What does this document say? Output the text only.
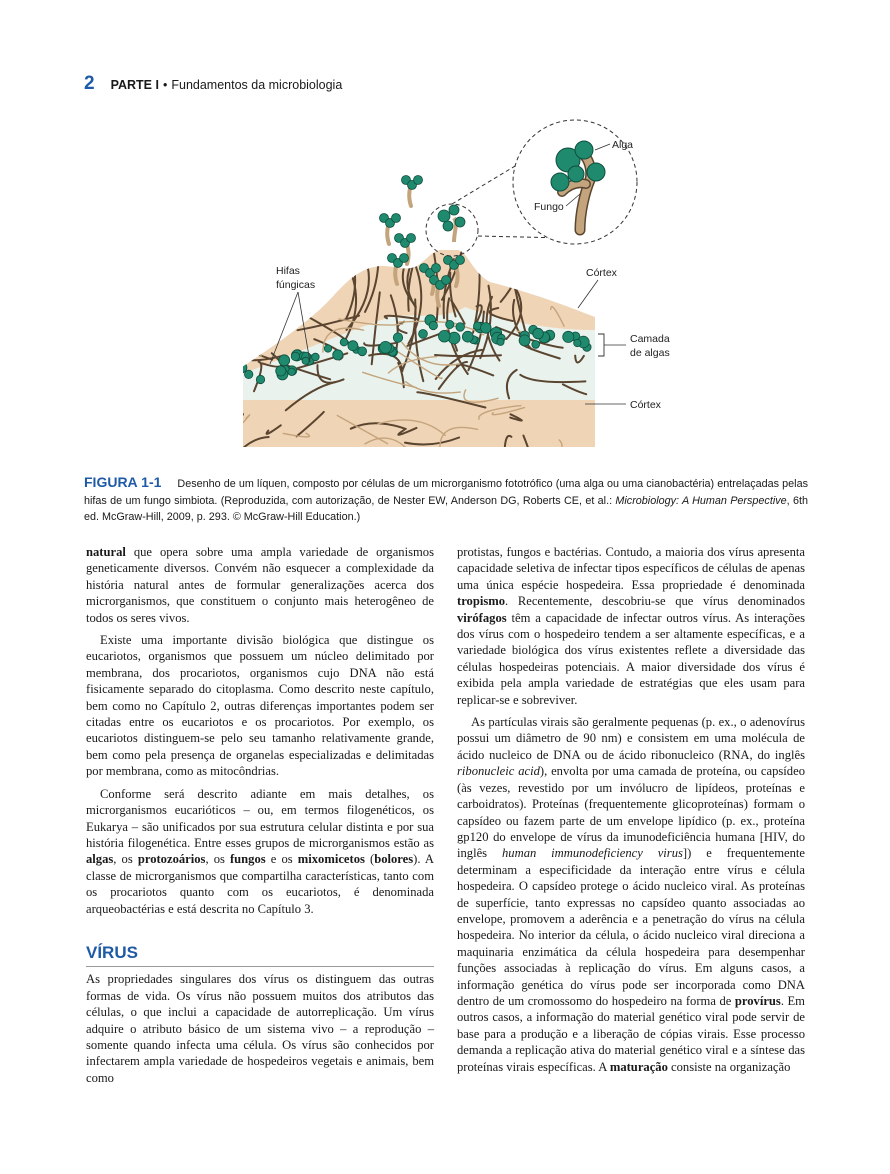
2 PARTE I • Fundamentos da microbiologia
Alga
Fungo
Hifas
fúngicas
Córtex
Camada
de algas
Córtex
FIGURA 1-1 Desenho de um líquen, composto por células de um microrganismo fototrófico (uma alga ou uma cianobactéria) entrelaçadas pelas hifas de um fungo simbiota. (Reproduzida, com autorização, de Nester EW, Anderson DG, Roberts CE, et al.: Microbiology: A Human Perspective, 6th ed. McGraw-Hill, 2009, p. 293. © McGraw-Hill Education.)

natural que opera sobre uma ampla variedade de organismos geneticamente diversos. Convém não esquecer a complexidade da história natural antes de formular generalizações acerca dos microrganismos, que constituem o conjunto mais heterogêneo de todos os seres vivos.

Existe uma importante divisão biológica que distingue os eucariotos, organismos que possuem um núcleo delimitado por membrana, dos procariotos, organismos cujo DNA não está fisicamente separado do citoplasma. Como descrito neste capítulo, bem como no Capítulo 2, outras diferenças importantes podem ser citadas entre os eucariotos e os procariotos. Por exemplo, os eucariotos distinguem-se pelo seu tamanho relativamente grande, bem como pela presença de organelas especializadas e delimitadas por membrana, como as mitocôndrias.

Conforme será descrito adiante em mais detalhes, os microrganismos eucarióticos – ou, em termos filogenéticos, os Eukarya – são unificados por sua estrutura celular distinta e por sua história filogenética. Entre esses grupos de microrganismos estão as algas, os protozoários, os fungos e os mixomicetos (bolores). A classe de microrganismos que compartilha características, tanto com os procariotos quanto com os eucariotos, é denominada arqueobactérias e está descrita no Capítulo 3.

VÍRUS

As propriedades singulares dos vírus os distinguem das outras formas de vida. Os vírus não possuem muitos dos atributos das células, o que inclui a capacidade de autorreplicação. Um vírus adquire o atributo básico de um sistema vivo – a reprodução – somente quando infecta uma célula. Os vírus são conhecidos por infectarem ampla variedade de hospedeiros vegetais e animais, bem como

protistas, fungos e bactérias. Contudo, a maioria dos vírus apresenta capacidade seletiva de infectar tipos específicos de células de apenas uma única espécie hospedeira. Essa propriedade é denominada tropismo. Recentemente, descobriu-se que vírus denominados virófagos têm a capacidade de infectar outros vírus. As interações dos vírus com o hospedeiro tendem a ser altamente específicas, e a variedade biológica dos vírus existentes reflete a diversidade das células hospedeiras potenciais. A maior diversidade dos vírus é exibida pela ampla variedade de estratégias que eles usam para replicar-se e sobreviver.

As partículas virais são geralmente pequenas (p. ex., o adenovírus possui um diâmetro de 90 nm) e consistem em uma molécula de ácido nucleico de DNA ou de ácido ribonucleico (RNA, do inglês ribonucleic acid), envolta por uma camada de proteína, ou capsídeo (às vezes, revestido por um invólucro de lipídeos, proteínas e carboidratos). Proteínas (frequentemente glicoproteínas) formam o capsídeo ou fazem parte de um envelope lipídico (p. ex., proteína gp120 do envelope de vírus da imunodeficiência humana [HIV, do inglês human immunodeficiency virus]) e frequentemente determinam a especificidade da interação entre vírus e célula hospedeira. O capsídeo protege o ácido nucleico viral. As proteínas de superfície, tanto expressas no capsídeo quanto associadas ao envelope, promovem a aderência e a penetração do vírus na célula hospedeira. No interior da célula, o ácido nucleico viral direciona a maquinaria enzimática da célula hospedeira para desempenhar funções associadas à replicação do vírus. Em alguns casos, a informação genética do vírus pode ser incorporada como DNA dentro de um cromossomo do hospedeiro na forma de provírus. Em outros casos, a informação do material genético viral pode servir de base para a produção e a liberação de cópias virais. Esse processo demanda a replicação ativa do material genético viral e a síntese das proteínas virais específicas. A maturação consiste na organização
